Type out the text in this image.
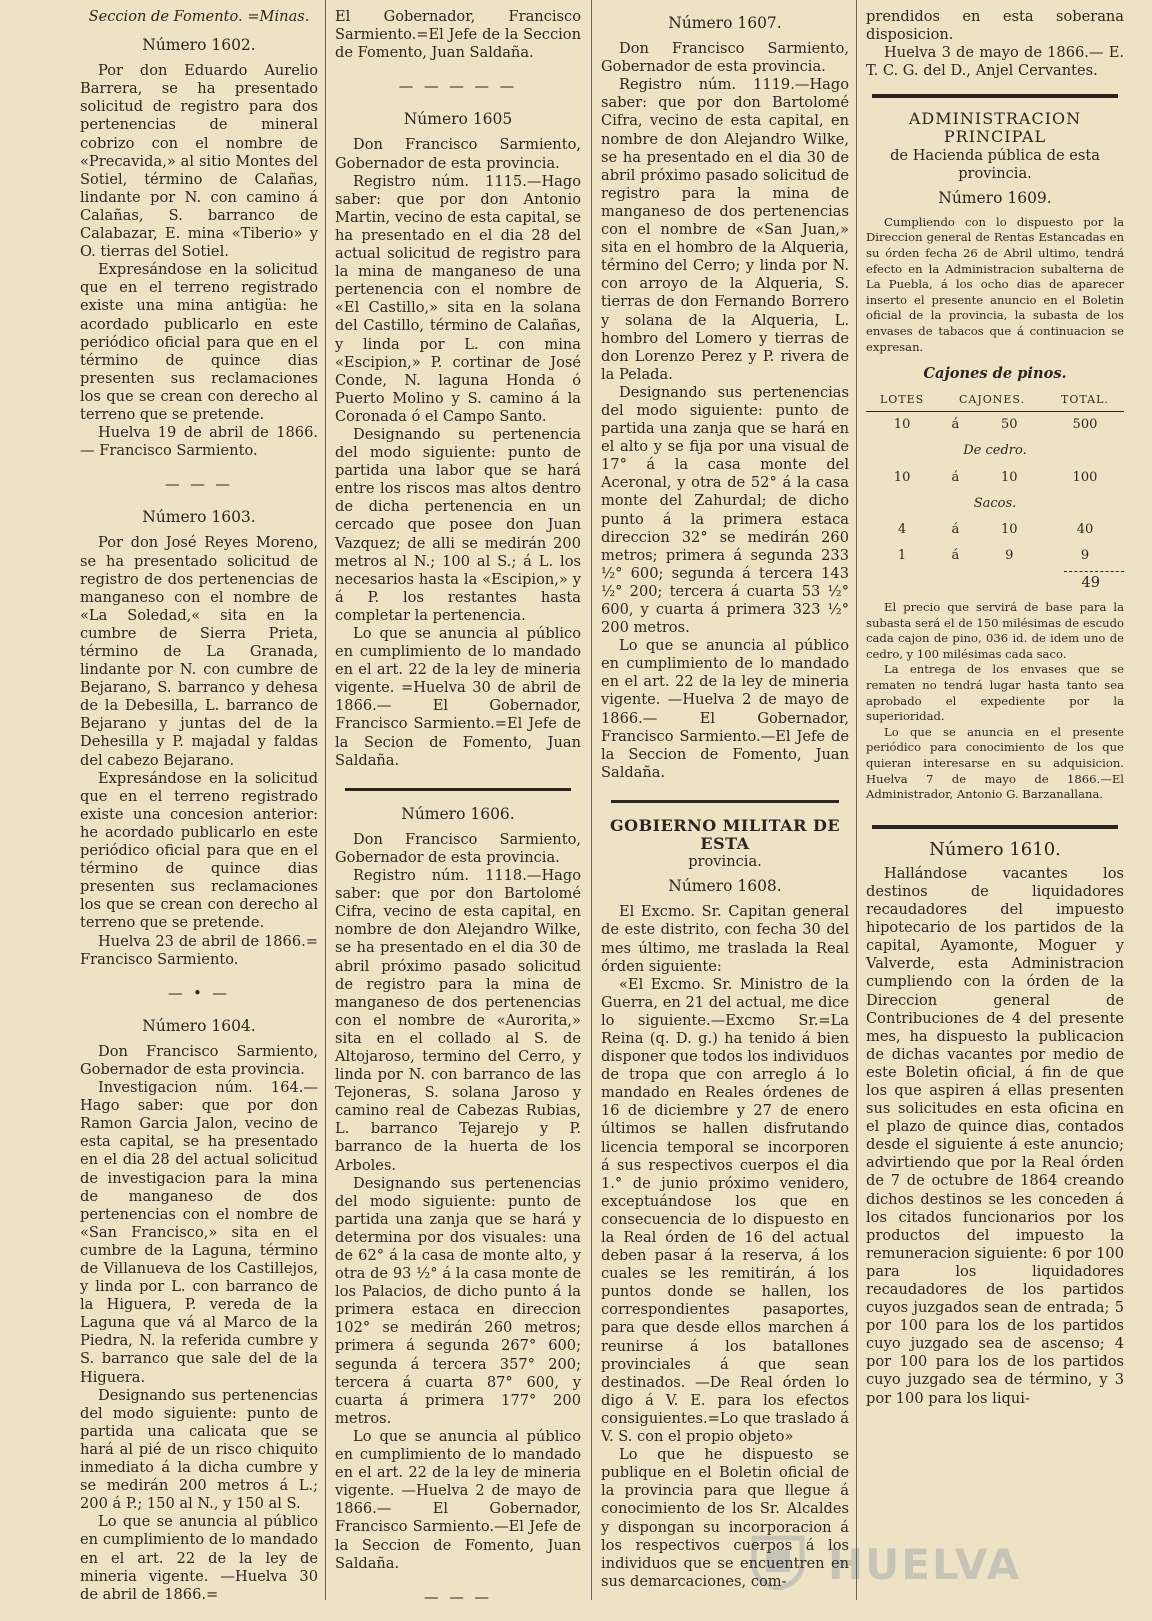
Seccion de Fomento. =Minas.
Número 1602.

Por don Eduardo Aurelio Barrera, se ha presentado solicitud de registro para dos pertenencias de mineral cobrizo con el nombre de «Precavida,» al sitio Montes del Sotiel, término de Calañas, lindante por N. con camino á Calañas, S. barranco de Calabazar, E. mina «Tiberio» y O. tierras del Sotiel.

Expresándose en la solicitud que en el terreno registrado existe una mina antigüa: he acordado publicarlo en este periódico oficial para que en el término de quince dias presenten sus reclamaciones los que se crean con derecho al terreno que se pretende.

Huelva 19 de abril de 1866.— Francisco Sarmiento.

— — —
Número 1603.

Por don José Reyes Moreno, se ha presentado solicitud de registro de dos pertenencias de manganeso con el nombre de «La Soledad,« sita en la cumbre de Sierra Prieta, término de La Granada, lindante por N. con cumbre de Bejarano, S. barranco y dehesa de la Debesilla, L. barranco de Bejarano y juntas del de la Dehesilla y P. majadal y faldas del cabezo Bejarano.

Expresándose en la solicitud que en el terreno registrado existe una concesion anterior: he acordado publicarlo en este periódico oficial para que en el término de quince dias presenten sus reclamaciones los que se crean con derecho al terreno que se pretende.

Huelva 23 de abril de 1866.= Francisco Sarmiento.

— • —
Número 1604.

Don Francisco Sarmiento, Gobernador de esta provincia.

Investigacion núm. 164.—Hago saber: que por don Ramon Garcia Jalon, vecino de esta capital, se ha presentado en el dia 28 del actual solicitud de investigacion para la mina de manganeso de dos pertenencias con el nombre de «San Francisco,» sita en el cumbre de la Laguna, término de Villanueva de los Castillejos, y linda por L. con barranco de la Higuera, P. vereda de la Laguna que vá al Marco de la Piedra, N. la referida cumbre y S. barranco que sale del de la Higuera.

Designando sus pertenencias del modo siguiente: punto de partida una calicata que se hará al pié de un risco chiquito inmediato á la dicha cumbre y se medirán 200 metros á L.; 200 á P.; 150 al N., y 150 al S.

Lo que se anuncia al público en cumplimiento de lo mandado en el art. 22 de la ley de mineria vigente. —Huelva 30 de abril de 1866.=

El Gobernador, Francisco Sarmiento.=El Jefe de la Seccion de Fomento, Juan Saldaña.

— — — — —
Número 1605

Don Francisco Sarmiento, Gobernador de esta provincia.

Registro núm. 1115.—Hago saber: que por don Antonio Martin, vecino de esta capital, se ha presentado en el dia 28 del actual solicitud de registro para la mina de manganeso de una pertenencia con el nombre de «El Castillo,» sita en la solana del Castillo, término de Calañas, y linda por L. con mina «Escipion,» P. cortinar de José Conde, N. laguna Honda ó Puerto Molino y S. camino á la Coronada ó el Campo Santo.

Designando su pertenencia del modo siguiente: punto de partida una labor que se hará entre los riscos mas altos dentro de dicha pertenencia en un cercado que posee don Juan Vazquez; de alli se medirán 200 metros al N.; 100 al S.; á L. los necesarios hasta la «Escipion,» y á P. los restantes hasta completar la pertenencia.

Lo que se anuncia al público en cumplimiento de lo mandado en el art. 22 de la ley de mineria vigente. =Huelva 30 de abril de 1866.— El Gobernador, Francisco Sarmiento.=El Jefe de la Secion de Fomento, Juan Saldaña.

Número 1606.

Don Francisco Sarmiento, Gobernador de esta provincia.

Registro núm. 1118.—Hago saber: que por don Bartolomé Cifra, vecino de esta capital, en nombre de don Alejandro Wilke, se ha presentado en el dia 30 de abril próximo pasado solicitud de registro para la mina de manganeso de dos pertenencias con el nombre de «Aurorita,» sita en el collado al S. de Altojaroso, termino del Cerro, y linda por N. con barranco de las Tejoneras, S. solana Jaroso y camino real de Cabezas Rubias, L. barranco Tejarejo y P. barranco de la huerta de los Arboles.

Designando sus pertenencias del modo siguiente: punto de partida una zanja que se hará y determina por dos visuales: una de 62° á la casa de monte alto, y otra de 93 ½° á la casa monte de los Palacios, de dicho punto á la primera estaca en direccion 102° se medirán 260 metros; primera á segunda 267° 600; segunda á tercera 357° 200; tercera á cuarta 87° 600, y cuarta á primera 177° 200 metros.

Lo que se anuncia al público en cumplimiento de lo mandado en el art. 22 de la ley de mineria vigente. —Huelva 2 de mayo de 1866.— El Gobernador, Francisco Sarmiento.—El Jefe de la Seccion de Fomento, Juan Saldaña.

— — —
Número 1607.

Don Francisco Sarmiento, Gobernador de esta provincia.

Registro núm. 1119.—Hago saber: que por don Bartolomé Cifra, vecino de esta capital, en nombre de don Alejandro Wilke, se ha presentado en el dia 30 de abril próximo pasado solicitud de registro para la mina de manganeso de dos pertenencias con el nombre de «San Juan,» sita en el hombro de la Alqueria, término del Cerro; y linda por N. con arroyo de la Alqueria, S. tierras de don Fernando Borrero y solana de la Alqueria, L. hombro del Lomero y tierras de don Lorenzo Perez y P. rivera de la Pelada.

Designando sus pertenencias del modo siguiente: punto de partida una zanja que se hará en el alto y se fija por una visual de 17° á la casa monte del Aceronal, y otra de 52° á la casa monte del Zahurdal; de dicho punto á la primera estaca direccion 32° se medirán 260 metros; primera á segunda 233 ½° 600; segunda á tercera 143 ½° 200; tercera á cuarta 53 ½° 600, y cuarta á primera 323 ½° 200 metros.

Lo que se anuncia al público en cumplimiento de lo mandado en el art. 22 de la ley de mineria vigente. —Huelva 2 de mayo de 1866.— El Gobernador, Francisco Sarmiento.—El Jefe de la Seccion de Fomento, Juan Saldaña.

GOBIERNO MILITAR DE ESTA
provincia.
Número 1608.

El Excmo. Sr. Capitan general de este distrito, con fecha 30 del mes último, me traslada la Real órden siguiente:

«El Excmo. Sr. Ministro de la Guerra, en 21 del actual, me dice lo siguiente.—Excmo Sr.=La Reina (q. D. g.) ha tenido á bien disponer que todos los individuos de tropa que con arreglo á lo mandado en Reales órdenes de 16 de diciembre y 27 de enero últimos se hallen disfrutando licencia temporal se incorporen á sus respectivos cuerpos el dia 1.° de junio próximo venidero, exceptuándose los que en consecuencia de lo dispuesto en la Real órden de 16 del actual deben pasar á la reserva, á los cuales se les remitirán, á los puntos donde se hallen, los correspondientes pasaportes, para que desde ellos marchen á reunirse á los batallones provinciales á que sean destinados. —De Real órden lo digo á V. E. para los efectos consiguientes.=Lo que traslado á V. S. con el propio objeto»

Lo que he dispuesto se publique en el Boletin oficial de la provincia para que llegue á conocimiento de los Sr. Alcaldes y dispongan su incorporacion á los respectivos cuerpos á los individuos que se encuentren en sus demarcaciones, com-

prendidos en esta soberana disposicion.

Huelva 3 de mayo de 1866.— E. T. C. G. del D., Anjel Cervantes.

ADMINISTRACION PRINCIPAL
de Hacienda pública de esta provincia.
Número 1609.

Cumpliendo con lo dispuesto por la Direccion general de Rentas Estancadas en su órden fecha 26 de Abril ultimo, tendrá efecto en la Administracion subalterna de La Puebla, á los ocho dias de aparecer inserto el presente anuncio en el Boletin oficial de la provincia, la subasta de los envases de tabacos que á continuacion se expresan.

Cajones de pinos.
LOTES	CAJONES.		TOTAL.
10	á	50	500
De cedro.			
10	á	10	100
Sacos.			
4	á	10	40
1	á	9	9
49

El precio que servirá de base para la subasta será el de 150 milésimas de escudo cada cajon de pino, 036 id. de idem uno de cedro, y 100 milésimas cada saco.

La entrega de los envases que se rematen no tendrá lugar hasta tanto sea aprobado el expediente por la superioridad.

Lo que se anuncia en el presente periódico para conocimiento de los que quieran interesarse en su adquisicion. Huelva 7 de mayo de 1866.—El Administrador, Antonio G. Barzanallana.

Número 1610.

Hallándose vacantes los destinos de liquidadores recaudadores del impuesto hipotecario de los partidos de la capital, Ayamonte, Moguer y Valverde, esta Administracion cumpliendo con la órden de la Direccion general de Contribuciones de 4 del presente mes, ha dispuesto la publicacion de dichas vacantes por medio de este Boletin oficial, á fin de que los que aspiren á ellas presenten sus solicitudes en esta oficina en el plazo de quince dias, contados desde el siguiente á este anuncio; advirtiendo que por la Real órden de 7 de octubre de 1864 creando dichos destinos se les conceden á los citados funcionarios por los productos del impuesto la remuneracion siguiente: 6 por 100 para los liquidadores recaudadores de los partidos cuyos juzgados sean de entrada; 5 por 100 para los de los partidos cuyo juzgado sea de ascenso; 4 por 100 para los de los partidos cuyo juzgado sea de término, y 3 por 100 para los liqui-

HUELVA
